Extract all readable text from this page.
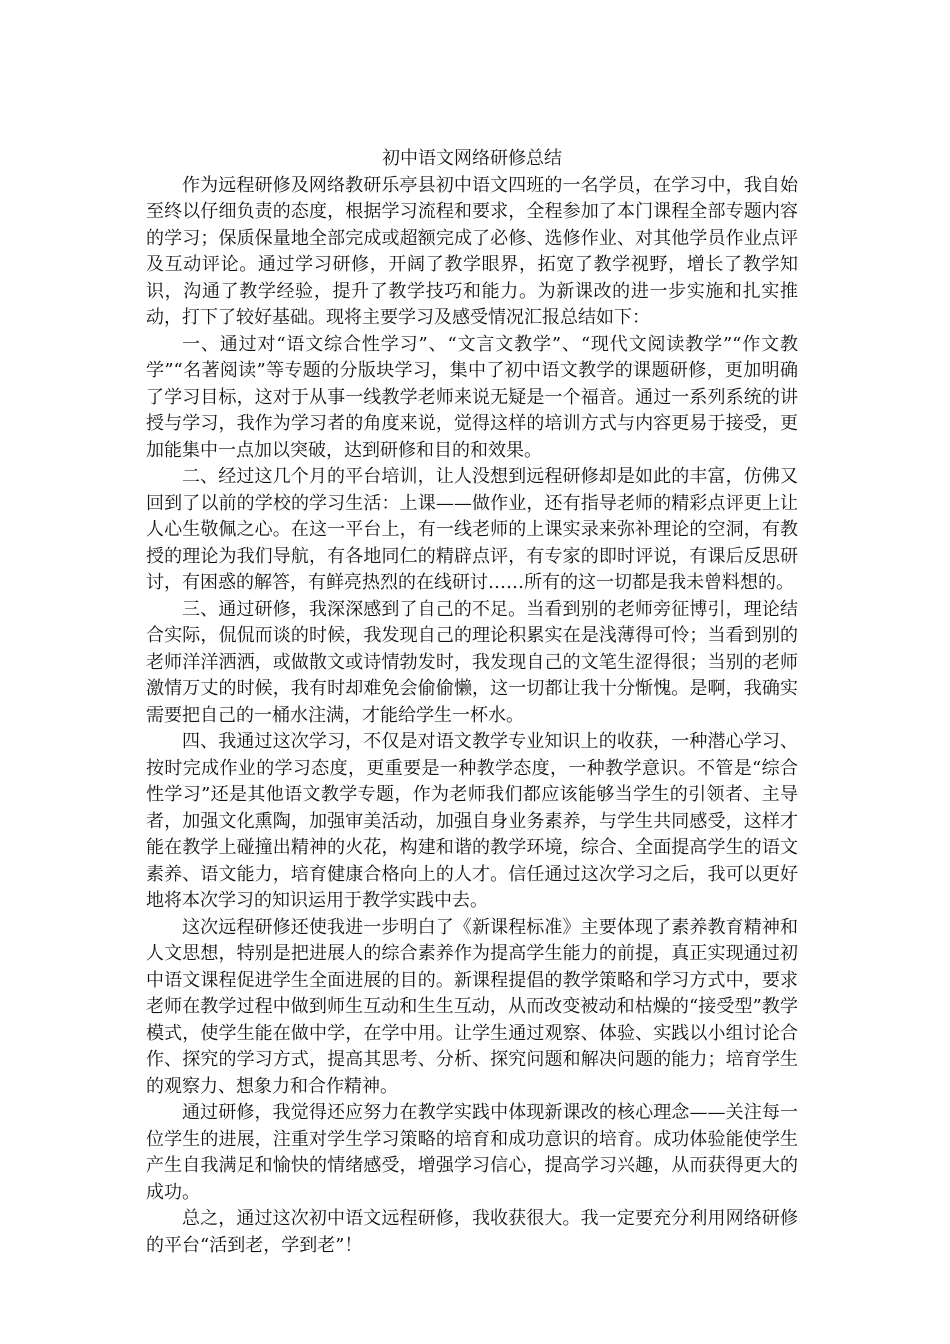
初中语文网络研修总结

作为远程研修及网络教研乐亭县初中语文四班的一名学员，在学习中，我自始至终以仔细负责的态度，根据学习流程和要求，全程参加了本门课程全部专题内容的学习；保质保量地全部完成或超额完成了必修、选修作业、对其他学员作业点评及互动评论。通过学习研修，开阔了教学眼界，拓宽了教学视野，增长了教学知识，沟通了教学经验，提升了教学技巧和能力。为新课改的进一步实施和扎实推动，打下了较好基础。现将主要学习及感受情况汇报总结如下：

一、通过对“语文综合性学习”、“文言文教学”、“现代文阅读教学”“作文教学”“名著阅读”等专题的分版块学习，集中了初中语文教学的课题研修，更加明确了学习目标，这对于从事一线教学老师来说无疑是一个福音。通过一系列系统的讲授与学习，我作为学习者的角度来说，觉得这样的培训方式与内容更易于接受，更加能集中一点加以突破，达到研修和目的和效果。

二、经过这几个月的平台培训，让人没想到远程研修却是如此的丰富，仿佛又回到了以前的学校的学习生活：上课——做作业，还有指导老师的精彩点评更上让人心生敬佩之心。在这一平台上，有一线老师的上课实录来弥补理论的空洞，有教授的理论为我们导航，有各地同仁的精辟点评，有专家的即时评说，有课后反思研讨，有困惑的解答，有鲜亮热烈的在线研讨……所有的这一切都是我未曾料想的。

三、通过研修，我深深感到了自己的不足。当看到别的老师旁征博引，理论结合实际，侃侃而谈的时候，我发现自己的理论积累实在是浅薄得可怜；当看到别的老师洋洋洒洒，或做散文或诗情勃发时，我发现自己的文笔生涩得很；当别的老师激情万丈的时候，我有时却难免会偷偷懒，这一切都让我十分惭愧。是啊，我确实需要把自己的一桶水注满，才能给学生一杯水。

四、我通过这次学习，不仅是对语文教学专业知识上的收获，一种潜心学习、按时完成作业的学习态度，更重要是一种教学态度，一种教学意识。不管是“综合性学习”还是其他语文教学专题，作为老师我们都应该能够当学生的引领者、主导者，加强文化熏陶，加强审美活动，加强自身业务素养，与学生共同感受，这样才能在教学上碰撞出精神的火花，构建和谐的教学环境，综合、全面提高学生的语文素养、语文能力，培育健康合格向上的人才。信任通过这次学习之后，我可以更好地将本次学习的知识运用于教学实践中去。

这次远程研修还使我进一步明白了《新课程标准》主要体现了素养教育精神和人文思想，特别是把进展人的综合素养作为提高学生能力的前提，真正实现通过初中语文课程促进学生全面进展的目的。新课程提倡的教学策略和学习方式中，要求老师在教学过程中做到师生互动和生生互动，从而改变被动和枯燥的“接受型”教学模式，使学生能在做中学，在学中用。让学生通过观察、体验、实践以小组讨论合作、探究的学习方式，提高其思考、分析、探究问题和解决问题的能力；培育学生的观察力、想象力和合作精神。

通过研修，我觉得还应努力在教学实践中体现新课改的核心理念——关注每一位学生的进展，注重对学生学习策略的培育和成功意识的培育。成功体验能使学生产生自我满足和愉快的情绪感受，增强学习信心，提高学习兴趣，从而获得更大的成功。

总之，通过这次初中语文远程研修，我收获很大。我一定要充分利用网络研修的平台“活到老，学到老”！
